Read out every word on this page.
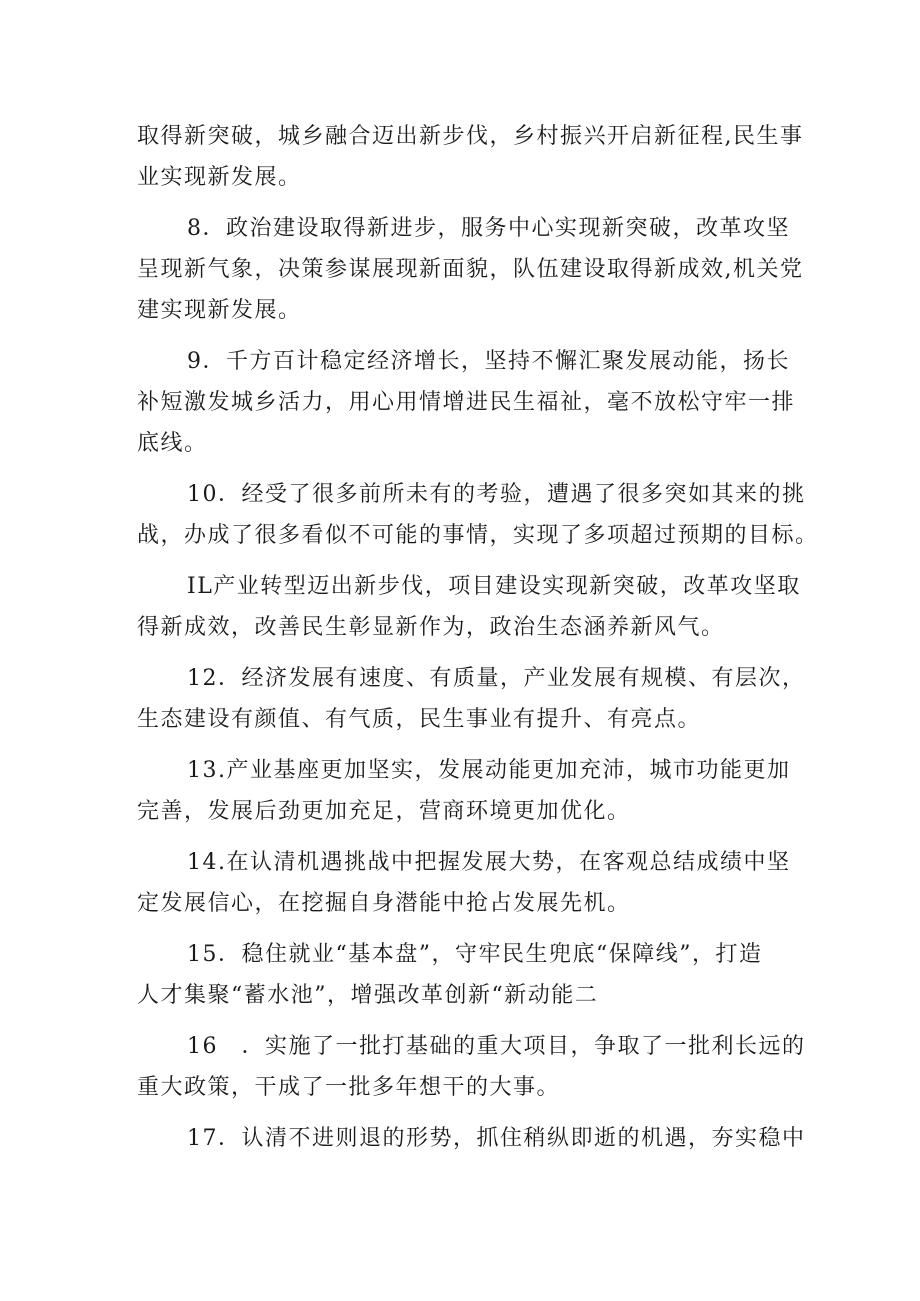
取得新突破，城乡融合迈出新步伐，乡村振兴开启新征程,民生事
业实现新发展。

8．政治建设取得新进步，服务中心实现新突破，改革攻坚
呈现新气象，决策参谋展现新面貌，队伍建设取得新成效,机关党
建实现新发展。

9．千方百计稳定经济增长，坚持不懈汇聚发展动能，扬长
补短激发城乡活力，用心用情增进民生福祉，毫不放松守牢一排
底线。

10．经受了很多前所未有的考验，遭遇了很多突如其来的挑
战，办成了很多看似不可能的事情，实现了多项超过预期的目标。

IL产业转型迈出新步伐，项目建设实现新突破，改革攻坚取
得新成效，改善民生彰显新作为，政治生态涵养新风气。

12．经济发展有速度、有质量，产业发展有规模、有层次，
生态建设有颜值、有气质，民生事业有提升、有亮点。

13.产业基座更加坚实，发展动能更加充沛，城市功能更加
完善，发展后劲更加充足，营商环境更加优化。

14.在认清机遇挑战中把握发展大势，在客观总结成绩中坚
定发展信心，在挖掘自身潜能中抢占发展先机。

15．稳住就业“基本盘”，守牢民生兜底“保障线”，打造
人才集聚“蓄水池”，增强改革创新“新动能二

16　．实施了一批打基础的重大项目，争取了一批利长远的
重大政策，干成了一批多年想干的大事。

17．认清不进则退的形势，抓住稍纵即逝的机遇，夯实稳中
